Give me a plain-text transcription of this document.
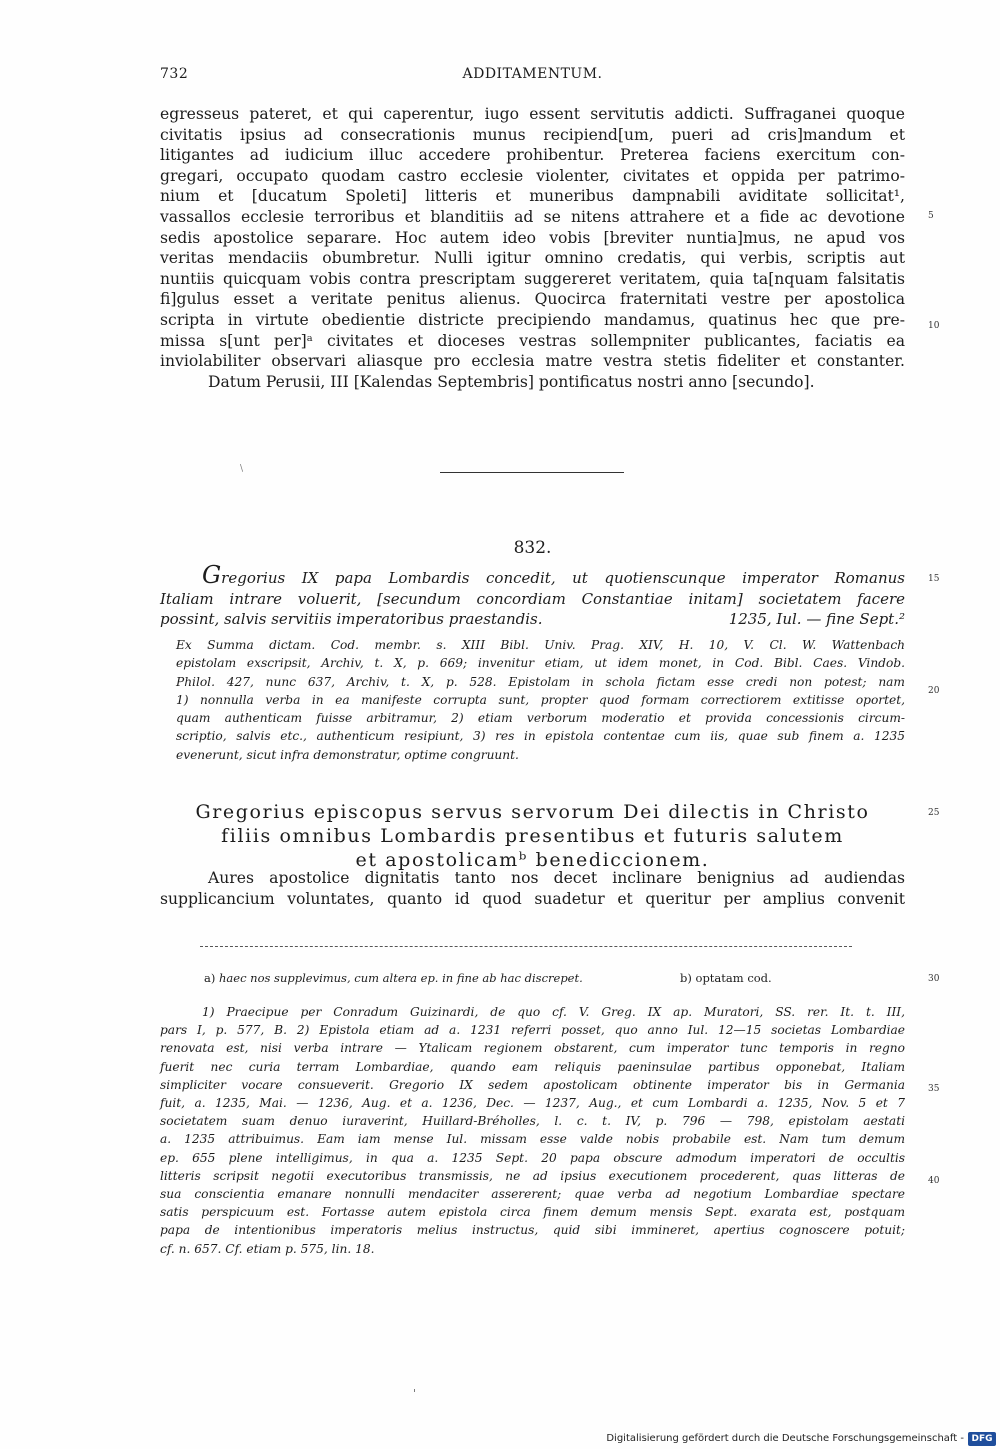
732	ADDITAMENTUM.
egresseus pateret, et qui caperentur, iugo essent servitutis addicti. Suffraganei quoque
civitatis ipsius ad consecrationis munus recipiend[um, pueri ad cris]mandum et
litigantes ad iudicium illuc accedere prohibentur. Preterea faciens exercitum con-
gregari, occupato quodam castro ecclesie violenter, civitates et oppida per patrimo-
nium et [ducatum Spoleti] litteris et muneribus dampnabili aviditate sollicitat¹,
vassallos ecclesie terroribus et blanditiis ad se nitens attrahere et a fide ac devotione
sedis apostolice separare. Hoc autem ideo vobis [breviter nuntia]mus, ne apud vos
veritas mendaciis obumbretur. Nulli igitur omnino credatis, qui verbis, scriptis aut
nuntiis quicquam vobis contra prescriptam suggereret veritatem, quia ta[nquam falsitatis
fi]gulus esset a veritate penitus alienus. Quocirca fraternitati vestre per apostolica
scripta in virtute obedientie districte precipiendo mandamus, quatinus hec que pre-
missa s[unt per]ᵃ civitates et dioceses vestras sollempniter publicantes, faciatis ea
inviolabiliter observari aliasque pro ecclesia matre vestra stetis fideliter et constanter.
Datum Perusii, III [Kalendas Septembris] pontificatus nostri anno [secundo].
5
10
\
832.
Gregorius IX papa Lombardis concedit, ut quotienscunque imperator Romanus
Italiam intrare voluerit, [secundum concordiam Constantiae initam] societatem facere
possint, salvis servitiis imperatoribus praestandis.	1235, Iul. — fine Sept.²
15
Ex Summa dictam. Cod. membr. s. XIII Bibl. Univ. Prag. XIV, H. 10, V. Cl. W. Wattenbach
epistolam exscripsit, Archiv, t. X, p. 669; invenitur etiam, ut idem monet, in Cod. Bibl. Caes. Vindob.
Philol. 427, nunc 637, Archiv, t. X, p. 528. Epistolam in schola fictam esse credi non potest; nam
1) nonnulla verba in ea manifeste corrupta sunt, propter quod formam correctiorem extitisse oportet,
quam authenticam fuisse arbitramur, 2) etiam verborum moderatio et provida concessionis circum-
scriptio, salvis etc., authenticum resipiunt, 3) res in epistola contentae cum iis, quae sub finem a. 1235
evenerunt, sicut infra demonstratur, optime congruunt.
20
Gregorius episcopus servus servorum Dei dilectis in Christo
filiis omnibus Lombardis presentibus et futuris salutem
et apostolicamᵇ benediccionem.
25
Aures apostolice dignitatis tanto nos decet inclinare benignius ad audiendas
supplicancium voluntates, quanto id quod suadetur et queritur per amplius convenit
a) haec nos supplevimus, cum altera ep. in fine ab hac discrepet.	b) optatam cod.	30
1) Praecipue per Conradum Guizinardi, de quo cf. V. Greg. IX ap. Muratori, SS. rer. It. t. III,
pars I, p. 577, B. 2) Epistola etiam ad a. 1231 referri posset, quo anno Iul. 12—15 societas Lombardiae
renovata est, nisi verba intrare — Ytalicam regionem obstarent, cum imperator tunc temporis in regno
fuerit nec curia terram Lombardiae, quando eam reliquis paeninsulae partibus opponebat, Italiam
simpliciter vocare consueverit. Gregorio IX sedem apostolicam obtinente imperator bis in Germania
fuit, a. 1235, Mai. — 1236, Aug. et a. 1236, Dec. — 1237, Aug., et cum Lombardi a. 1235, Nov. 5 et 7
societatem suam denuo iuraverint, Huillard-Bréholles, l. c. t. IV, p. 796 — 798, epistolam aestati
a. 1235 attribuimus. Eam iam mense Iul. missam esse valde nobis probabile est. Nam tum demum
ep. 655 plene intelligimus, in qua a. 1235 Sept. 20 papa obscure admodum imperatori de occultis
litteris scripsit negotii executoribus transmissis, ne ad ipsius executionem procederent, quas litteras de
sua conscientia emanare nonnulli mendaciter assererent; quae verba ad negotium Lombardiae spectare
satis perspicuum est. Fortasse autem epistola circa finem demum mensis Sept. exarata est, postquam
papa de intentionibus imperatoris melius instructus, quid sibi immineret, apertius cognoscere potuit;
cf. n. 657. Cf. etiam p. 575, lin. 18.
35
40
'
Digitalisierung gefördert durch die Deutsche Forschungsgemeinschaft - DFG
